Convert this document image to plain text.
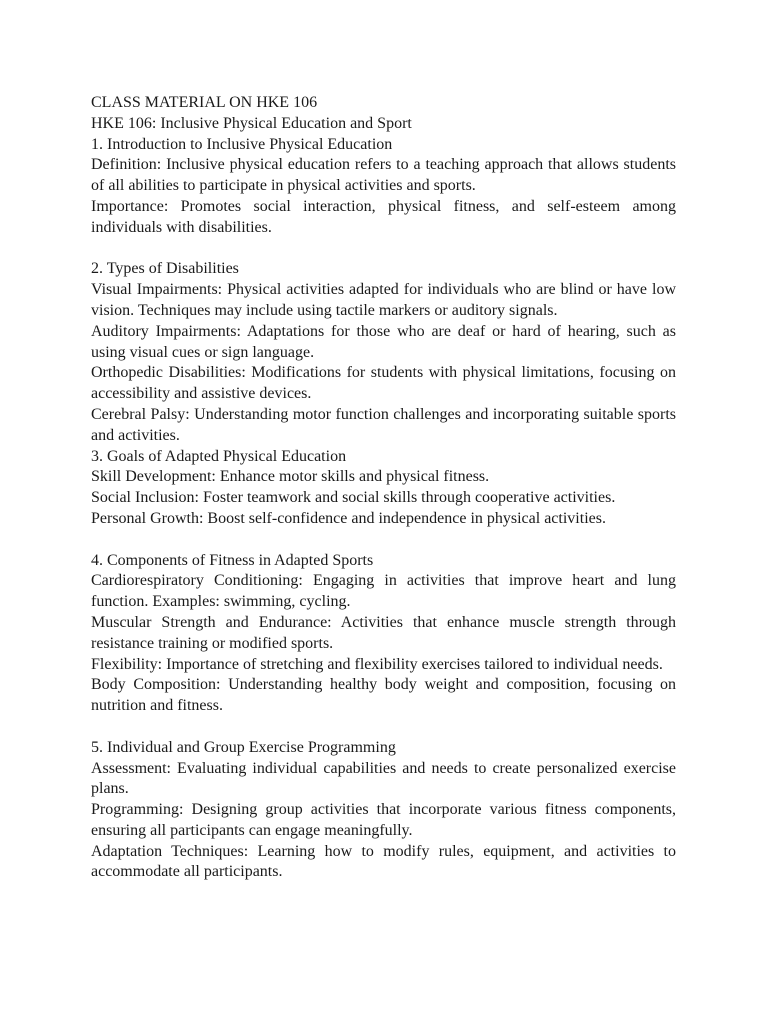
CLASS MATERIAL ON HKE 106

HKE 106: Inclusive Physical Education and Sport

1. Introduction to Inclusive Physical Education

Definition: Inclusive physical education refers to a teaching approach that allows students of all abilities to participate in physical activities and sports.

Importance: Promotes social interaction, physical fitness, and self-esteem among individuals with disabilities.

2. Types of Disabilities

Visual Impairments: Physical activities adapted for individuals who are blind or have low vision. Techniques may include using tactile markers or auditory signals.

Auditory Impairments: Adaptations for those who are deaf or hard of hearing, such as using visual cues or sign language.

Orthopedic Disabilities: Modifications for students with physical limitations, focusing on accessibility and assistive devices.

Cerebral Palsy: Understanding motor function challenges and incorporating suitable sports and activities.

3. Goals of Adapted Physical Education

Skill Development: Enhance motor skills and physical fitness.

Social Inclusion: Foster teamwork and social skills through cooperative activities.

Personal Growth: Boost self-confidence and independence in physical activities.

4. Components of Fitness in Adapted Sports

Cardiorespiratory Conditioning: Engaging in activities that improve heart and lung function. Examples: swimming, cycling.

Muscular Strength and Endurance: Activities that enhance muscle strength through resistance training or modified sports.

Flexibility: Importance of stretching and flexibility exercises tailored to individual needs.

Body Composition: Understanding healthy body weight and composition, focusing on nutrition and fitness.

5. Individual and Group Exercise Programming

Assessment: Evaluating individual capabilities and needs to create personalized exercise plans.

Programming: Designing group activities that incorporate various fitness components, ensuring all participants can engage meaningfully.

Adaptation Techniques: Learning how to modify rules, equipment, and activities to accommodate all participants.
